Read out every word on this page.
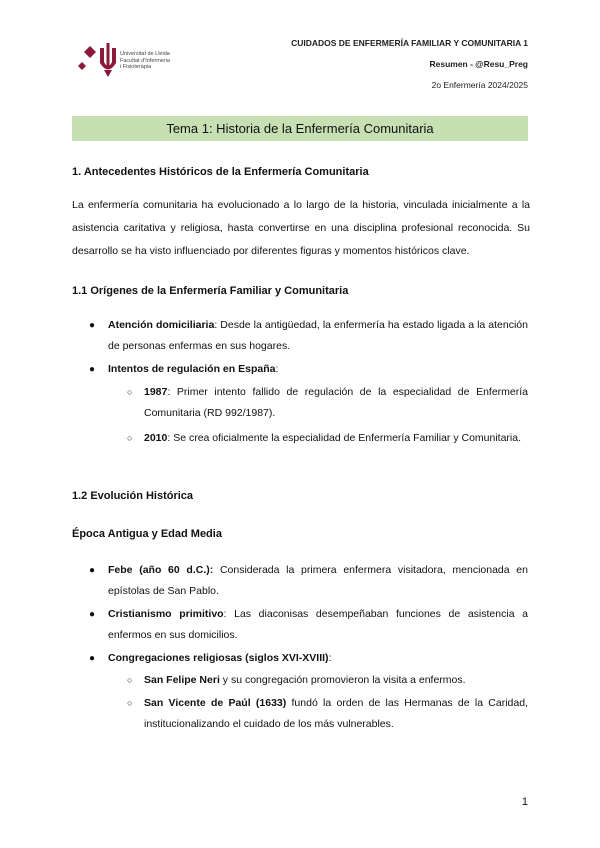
Universitat de Lleida
Facultat d'Infermeria
i Fisioteràpia
CUIDADOS DE ENFERMERÍA FAMILIAR Y COMUNITARIA 1
Resumen - @Resu_Preg
2o Enfermería 2024/2025
Tema 1: Historia de la Enfermería Comunitaria
1. Antecedentes Históricos de la Enfermería Comunitaria
La enfermería comunitaria ha evolucionado a lo largo de la historia, vinculada inicialmente a la asistencia caritativa y religiosa, hasta convertirse en una disciplina profesional reconocida. Su desarrollo se ha visto influenciado por diferentes figuras y momentos históricos clave.
1.1 Orígenes de la Enfermería Familiar y Comunitaria
● Atención domiciliaria: Desde la antigüedad, la enfermería ha estado ligada a la atención de personas enfermas en sus hogares.
● Intentos de regulación en España:
○ 1987: Primer intento fallido de regulación de la especialidad de Enfermería Comunitaria (RD 992/1987).
○ 2010: Se crea oficialmente la especialidad de Enfermería Familiar y Comunitaria.
1.2 Evolución Histórica
Época Antigua y Edad Media
● Febe (año 60 d.C.): Considerada la primera enfermera visitadora, mencionada en epístolas de San Pablo.
● Cristianismo primitivo: Las diaconisas desempeñaban funciones de asistencia a enfermos en sus domicilios.
● Congregaciones religiosas (siglos XVI-XVIII):
○ San Felipe Neri y su congregación promovieron la visita a enfermos.
○ San Vicente de Paúl (1633) fundó la orden de las Hermanas de la Caridad, institucionalizando el cuidado de los más vulnerables.
1
